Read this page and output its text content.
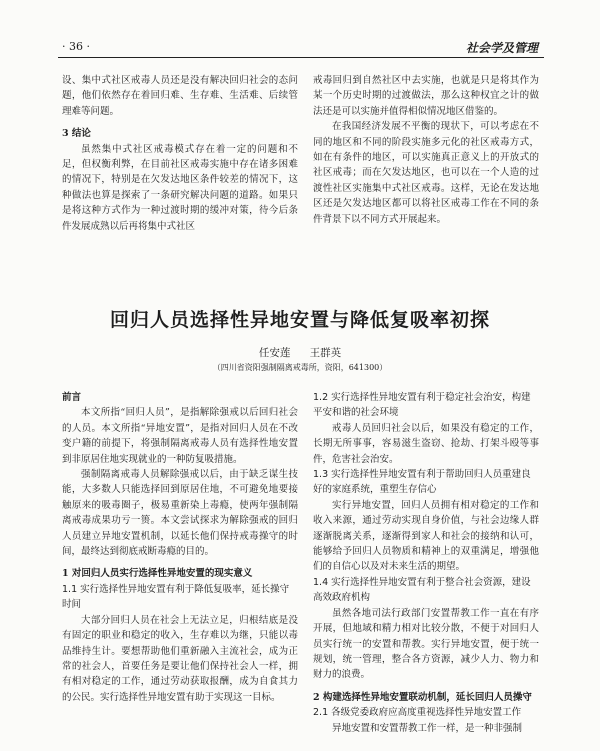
· 36 ·	社会学及管理

设、集中式社区戒毒人员还是没有解决回归社会的态问题，他们依然存在着回归难、生存难、生活难、后续管理难等问题。

3 结论

虽然集中式社区戒毒模式存在着一定的问题和不足，但权衡利弊，在目前社区戒毒实施中存在诸多困难的情况下，特别是在欠发达地区条件较差的情况下，这种做法也算是探索了一条研究解决问题的道路。如果只是将这种方式作为一种过渡时期的缓冲对策，待今后条件发展成熟以后再将集中式社区

戒毒回归到自然社区中去实施，也就是只是将其作为某一个历史时期的过渡做法，那么这种权宜之计的做法还是可以实施并值得相似情况地区借鉴的。

在我国经济发展不平衡的现状下，可以考虑在不同的地区和不同的阶段实施多元化的社区戒毒方式，如在有条件的地区，可以实施真正意义上的开放式的社区戒毒；而在欠发达地区，也可以在一个人造的过渡性社区实施集中式社区戒毒。这样，无论在发达地区还是欠发达地区都可以将社区戒毒工作在不同的条件背景下以不同方式开展起来。

回归人员选择性异地安置与降低复吸率初探
任安莲 王群英
（四川省资阳强制隔离戒毒所，资阳，641300）
前言

本文所指“回归人员”，是指解除强戒以后回归社会的人员。本文所指“异地安置”，是指对回归人员在不改变户籍的前提下，将强制隔离戒毒人员有选择性地安置到非原居住地实现就业的一种防复吸措施。

强制隔离戒毒人员解除强戒以后，由于缺乏谋生技能，大多数人只能选择回到原居住地，不可避免地要接触原来的吸毒圈子，极易重新染上毒瘾，使两年强制隔离戒毒成果功亏一篑。本文尝试探求为解除强戒的回归人员建立异地安置机制，以延长他们保持戒毒操守的时间，最终达到彻底戒断毒瘾的目的。

1 对回归人员实行选择性异地安置的现实意义
1.1 实行选择性异地安置有利于降低复吸率，延长操守时间

大部分回归人员在社会上无法立足，归根结底是没有固定的职业和稳定的收入，生存难以为继，只能以毒品维持生计。要想帮助他们重新融入主流社会，成为正常的社会人，首要任务是要让他们保持社会人一样，拥有相对稳定的工作，通过劳动获取报酬，成为自食其力的公民。实行选择性异地安置有助于实现这一目标。

1.2 实行选择性异地安置有利于稳定社会治安，构建平安和谐的社会环境

戒毒人员回归社会以后，如果没有稳定的工作，长期无所事事，容易滋生盗窃、抢劫、打架斗殴等事件，危害社会治安。

1.3 实行选择性异地安置有利于帮助回归人员重建良好的家庭系统，重塑生存信心

实行异地安置，回归人员拥有相对稳定的工作和收入来源，通过劳动实现自身价值，与社会边缘人群逐渐脱离关系，逐渐得到家人和社会的接纳和认可，能够给予回归人员物质和精神上的双重满足，增强他们的自信心以及对未来生活的期望。

1.4 实行选择性异地安置有利于整合社会资源，建设高效政府机构

虽然各地司法行政部门安置帮教工作一直在有序开展，但地域和精力相对比较分散，不便于对回归人员实行统一的安置和帮教。实行异地安置，便于统一规划，统一管理，整合各方资源，减少人力、物力和财力的浪费。

2 构建选择性异地安置联动机制，延长回归人员操守
2.1 各级党委政府应高度重视选择性异地安置工作

异地安置和安置帮教工作一样，是一种非强制
